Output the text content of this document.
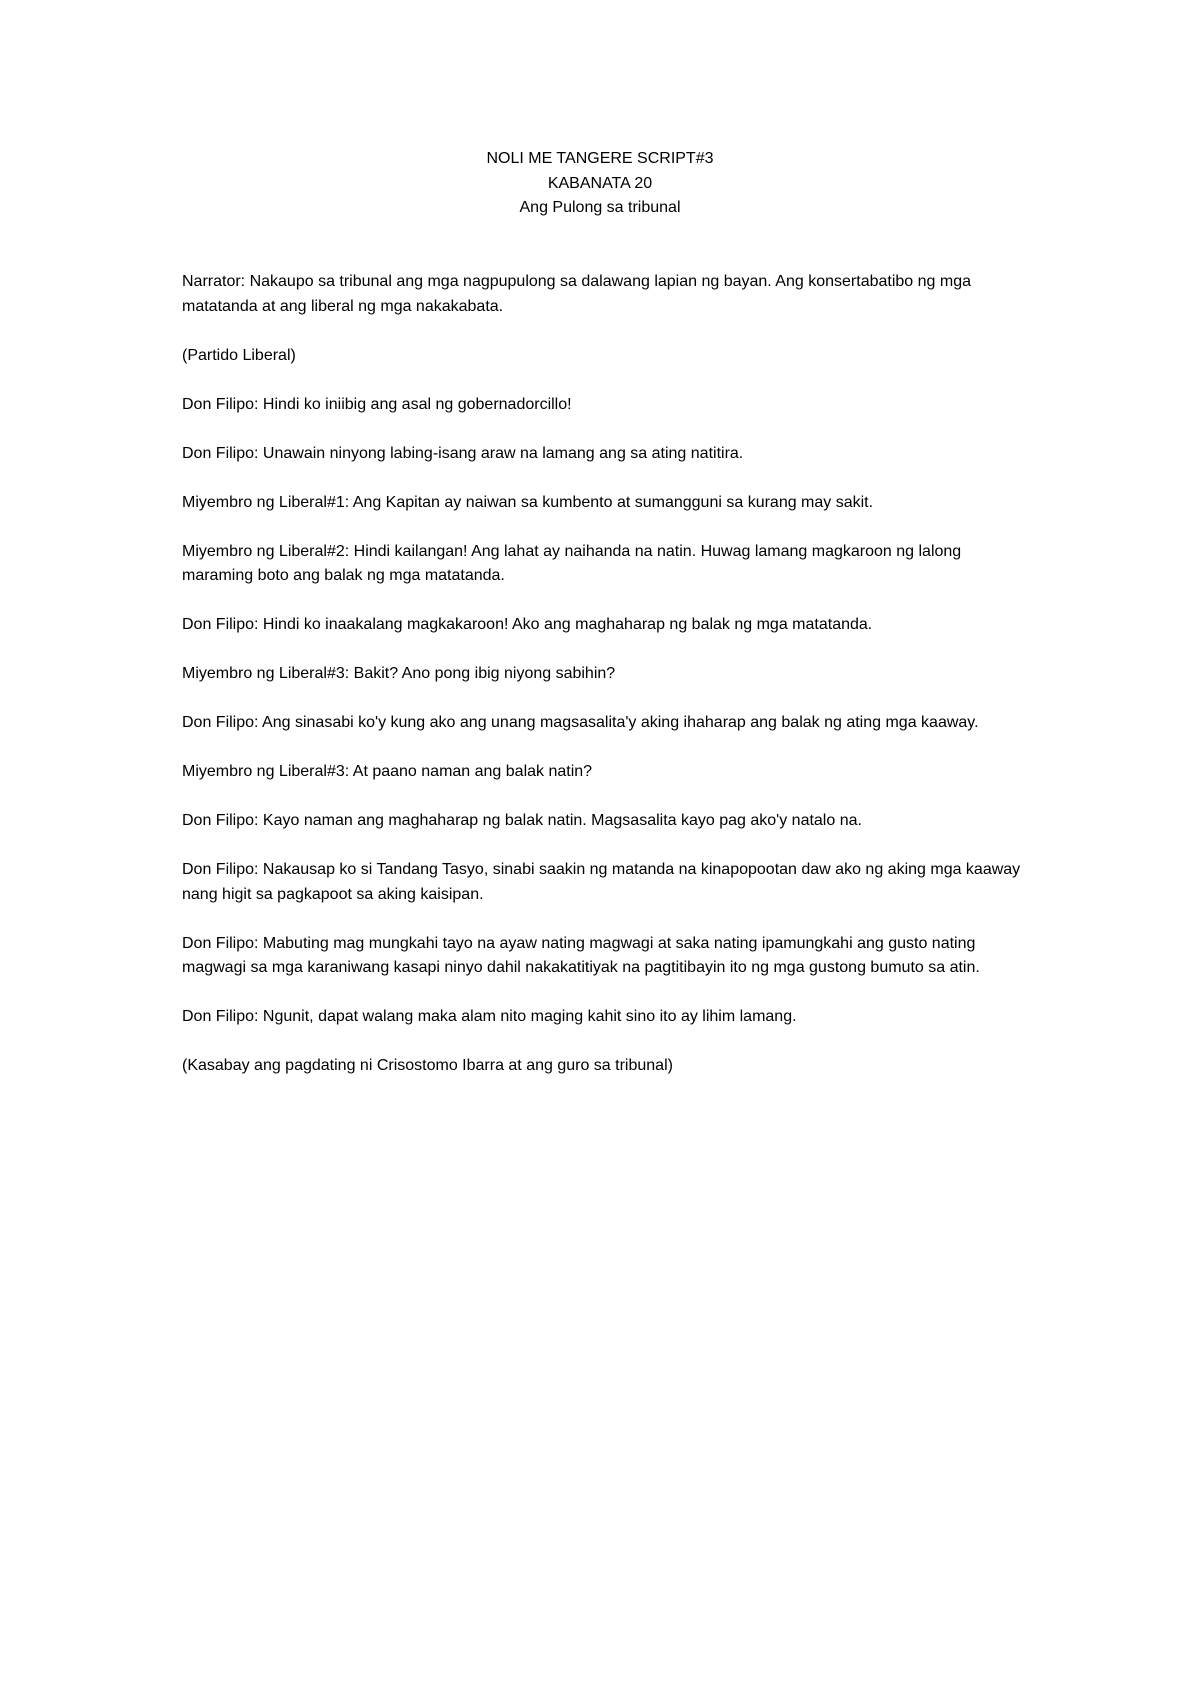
NOLI ME TANGERE SCRIPT#3
KABANATA 20
Ang Pulong sa tribunal

Narrator: Nakaupo sa tribunal ang mga nagpupulong sa dalawang lapian ng bayan. Ang konsertabatibo ng mga matatanda at ang liberal ng mga nakakabata.

(Partido Liberal)

Don Filipo: Hindi ko iniibig ang asal ng gobernadorcillo!

Don Filipo: Unawain ninyong labing-isang araw na lamang ang sa ating natitira.

Miyembro ng Liberal#1: Ang Kapitan ay naiwan sa kumbento at sumangguni sa kurang may sakit.

Miyembro ng Liberal#2: Hindi kailangan! Ang lahat ay naihanda na natin. Huwag lamang magkaroon ng lalong maraming boto ang balak ng mga matatanda.

Don Filipo: Hindi ko inaakalang magkakaroon! Ako ang maghaharap ng balak ng mga matatanda.

Miyembro ng Liberal#3: Bakit? Ano pong ibig niyong sabihin?

Don Filipo: Ang sinasabi ko'y kung ako ang unang magsasalita'y aking ihaharap ang balak ng ating mga kaaway.

Miyembro ng Liberal#3: At paano naman ang balak natin?

Don Filipo: Kayo naman ang maghaharap ng balak natin. Magsasalita kayo pag ako'y natalo na.

Don Filipo: Nakausap ko si Tandang Tasyo, sinabi saakin ng matanda na kinapopootan daw ako ng aking mga kaaway nang higit sa pagkapoot sa aking kaisipan.

Don Filipo: Mabuting mag mungkahi tayo na ayaw nating magwagi at saka nating ipamungkahi ang gusto nating magwagi sa mga karaniwang kasapi ninyo dahil nakakatitiyak na pagtitibayin ito ng mga gustong bumuto sa atin.

Don Filipo: Ngunit, dapat walang maka alam nito maging kahit sino ito ay lihim lamang.

(Kasabay ang pagdating ni Crisostomo Ibarra at ang guro sa tribunal)
